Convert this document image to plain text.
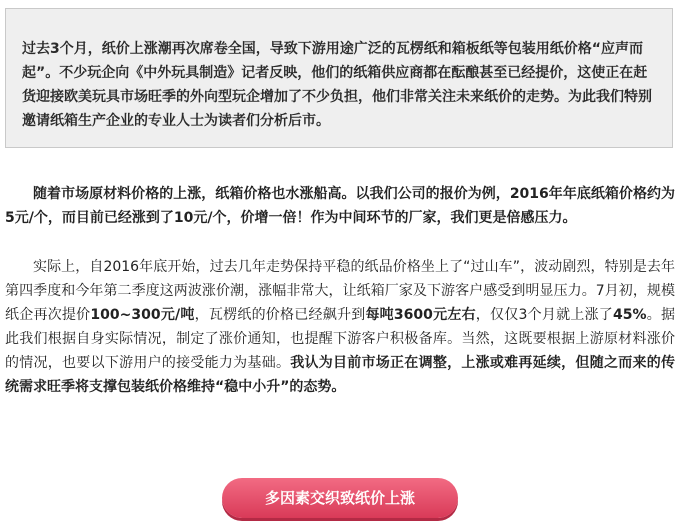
过去3个月，纸价上涨潮再次席卷全国，导致下游用途广泛的瓦楞纸和箱板纸等包装用纸价格“应声而起”。不少玩企向《中外玩具制造》记者反映，他们的纸箱供应商都在酝酿甚至已经提价，这使正在赶货迎接欧美玩具市场旺季的外向型玩企增加了不少负担，他们非常关注未来纸价的走势。为此我们特别邀请纸箱生产企业的专业人士为读者们分析后市。

随着市场原材料价格的上涨，纸箱价格也水涨船高。以我们公司的报价为例，2016年年底纸箱价格约为5元/个，而目前已经涨到了10元/个，价增一倍！作为中间环节的厂家，我们更是倍感压力。

实际上，自2016年底开始，过去几年走势保持平稳的纸品价格坐上了“过山车”，波动剧烈，特别是去年第四季度和今年第二季度这两波涨价潮，涨幅非常大，让纸箱厂家及下游客户感受到明显压力。7月初，规模纸企再次提价100~300元/吨，瓦楞纸的价格已经飙升到每吨3600元左右，仅仅3个月就上涨了45%。据此我们根据自身实际情况，制定了涨价通知，也提醒下游客户积极备库。当然，这既要根据上游原材料涨价的情况，也要以下游用户的接受能力为基础。我认为目前市场正在调整，上涨或难再延续，但随之而来的传统需求旺季将支撑包装纸价格维持“稳中小升”的态势。

多因素交织致纸价上涨
